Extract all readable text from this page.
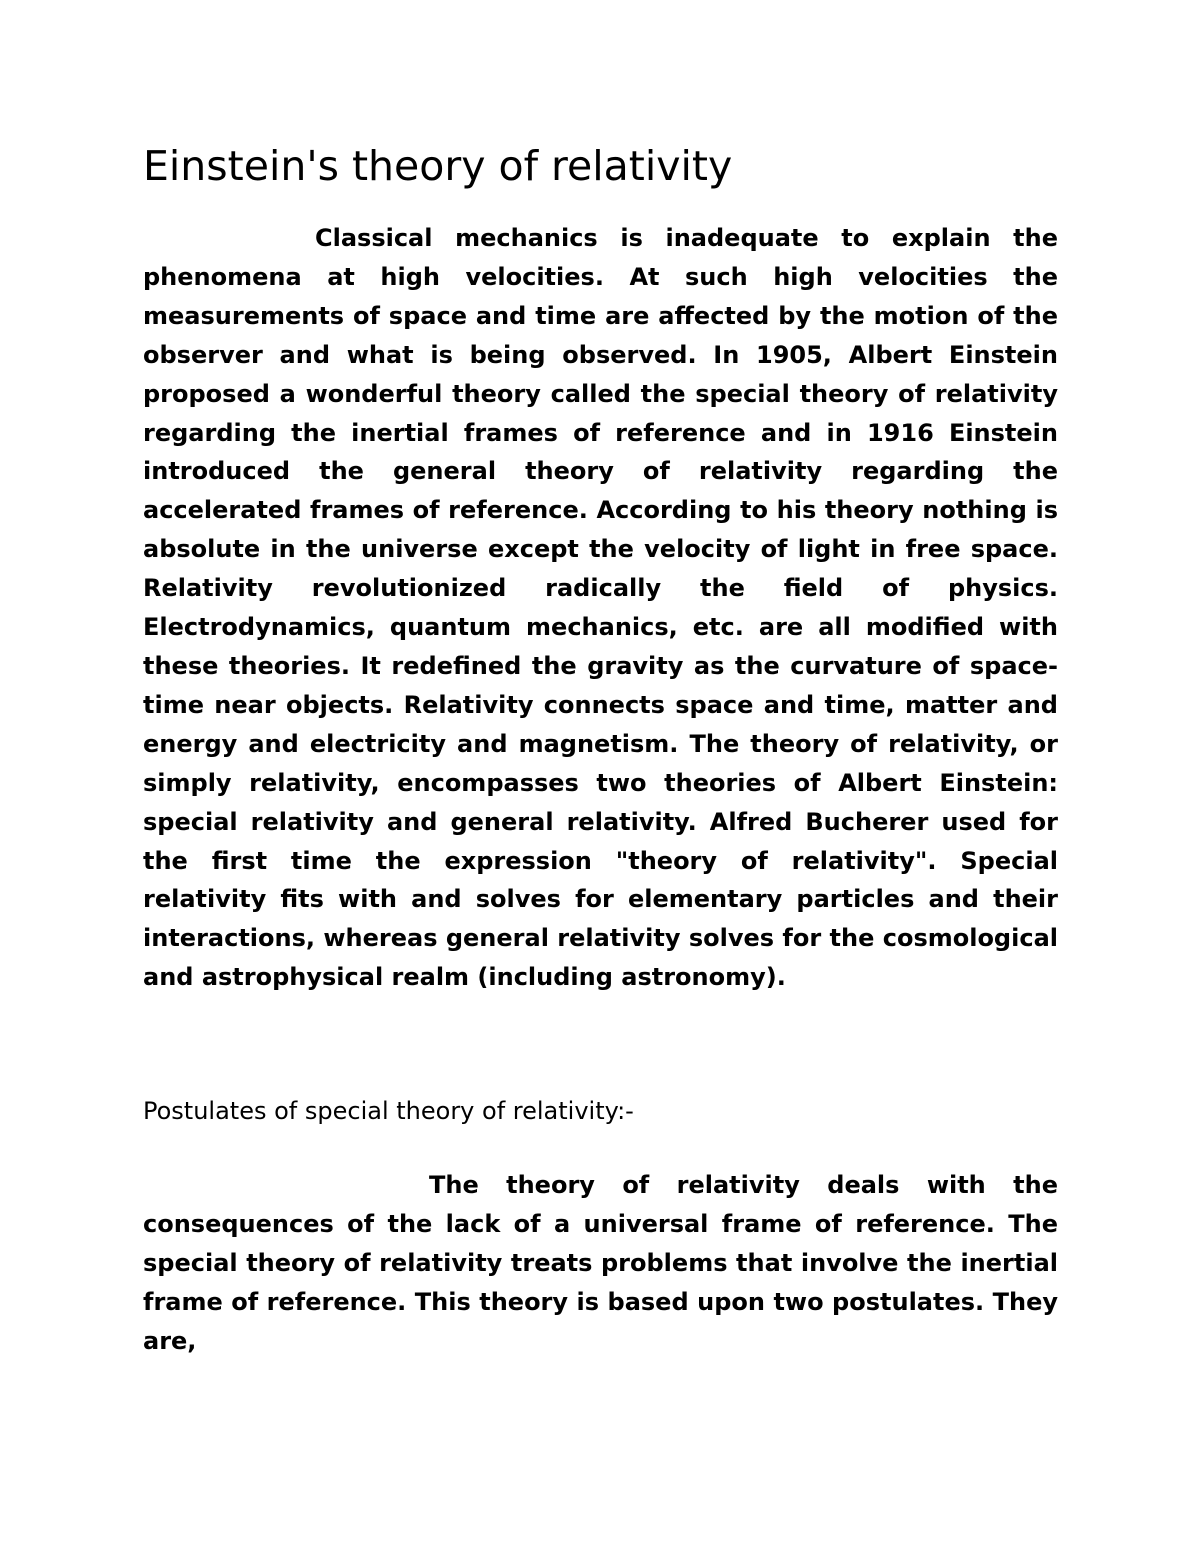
Einstein's theory of relativity

Classical mechanics is inadequate to explain the phenomena at high velocities. At such high velocities the measurements of space and time are affected by the motion of the observer and what is being observed. In 1905, Albert Einstein proposed a wonderful theory called the special theory of relativity regarding the inertial frames of reference and in 1916 Einstein introduced the general theory of relativity regarding the accelerated frames of reference. According to his theory nothing is absolute in the universe except the velocity of light in free space. Relativity revolutionized radically the field of physics. Electrodynamics, quantum mechanics, etc. are all modified with these theories. It redefined the gravity as the curvature of space-time near objects. Relativity connects space and time, matter and energy and electricity and magnetism. The theory of relativity, or simply relativity, encompasses two theories of Albert Einstein: special relativity and general relativity. Alfred Bucherer used for the first time the expression "theory of relativity". Special relativity fits with and solves for elementary particles and their interactions, whereas general relativity solves for the cosmological and astrophysical realm (including astronomy).

Postulates of special theory of relativity:-

The theory of relativity deals with the consequences of the lack of a universal frame of reference. The special theory of relativity treats problems that involve the inertial frame of reference. This theory is based upon two postulates. They are,
